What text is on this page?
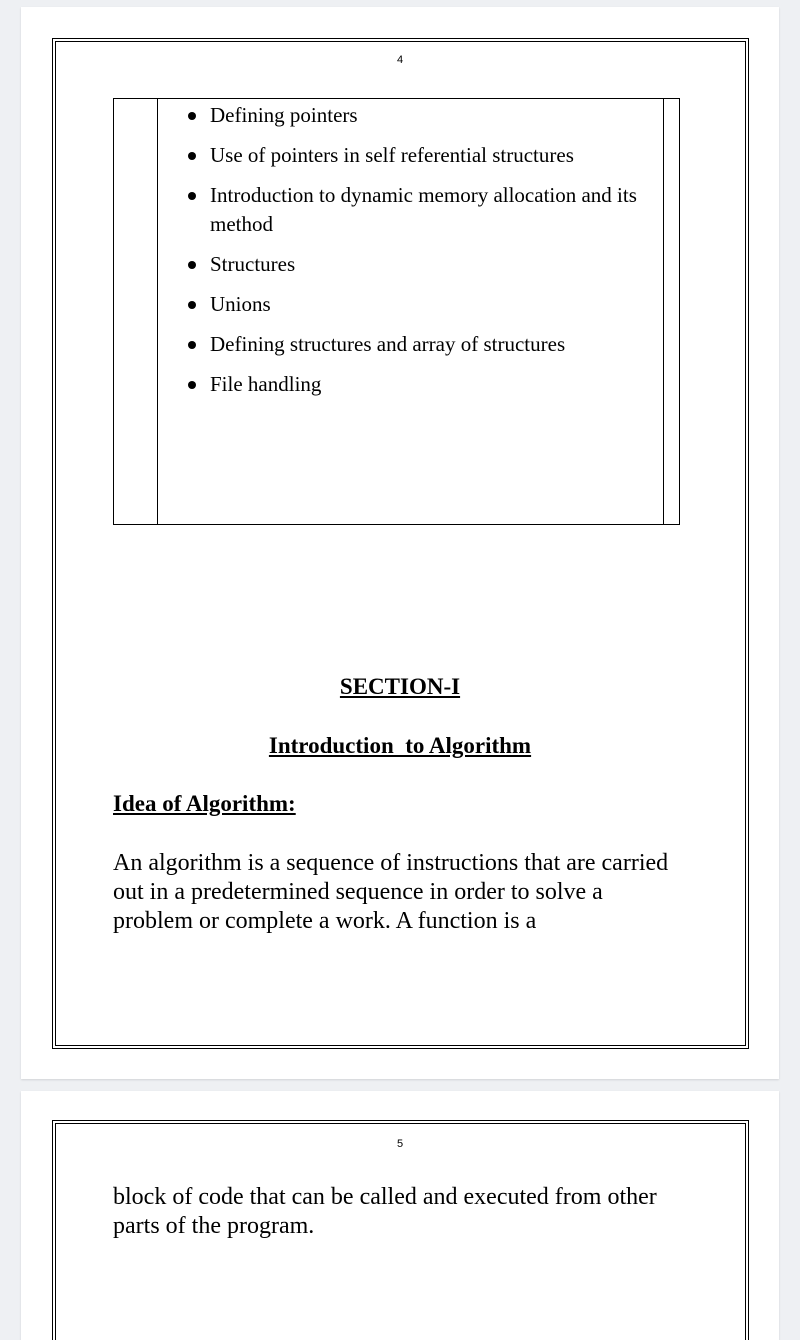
4
Defining pointers
Use of pointers in self referential structures
Introduction to dynamic memory allocation and its method
Structures
Unions
Defining structures and array of structures
File handling
SECTION-I
Introduction  to Algorithm
Idea of Algorithm:

An algorithm is a sequence of instructions that are carried out in a predetermined sequence in order to solve a problem or complete a work. A function is a

5

block of code that can be called and executed from other parts of the program.
